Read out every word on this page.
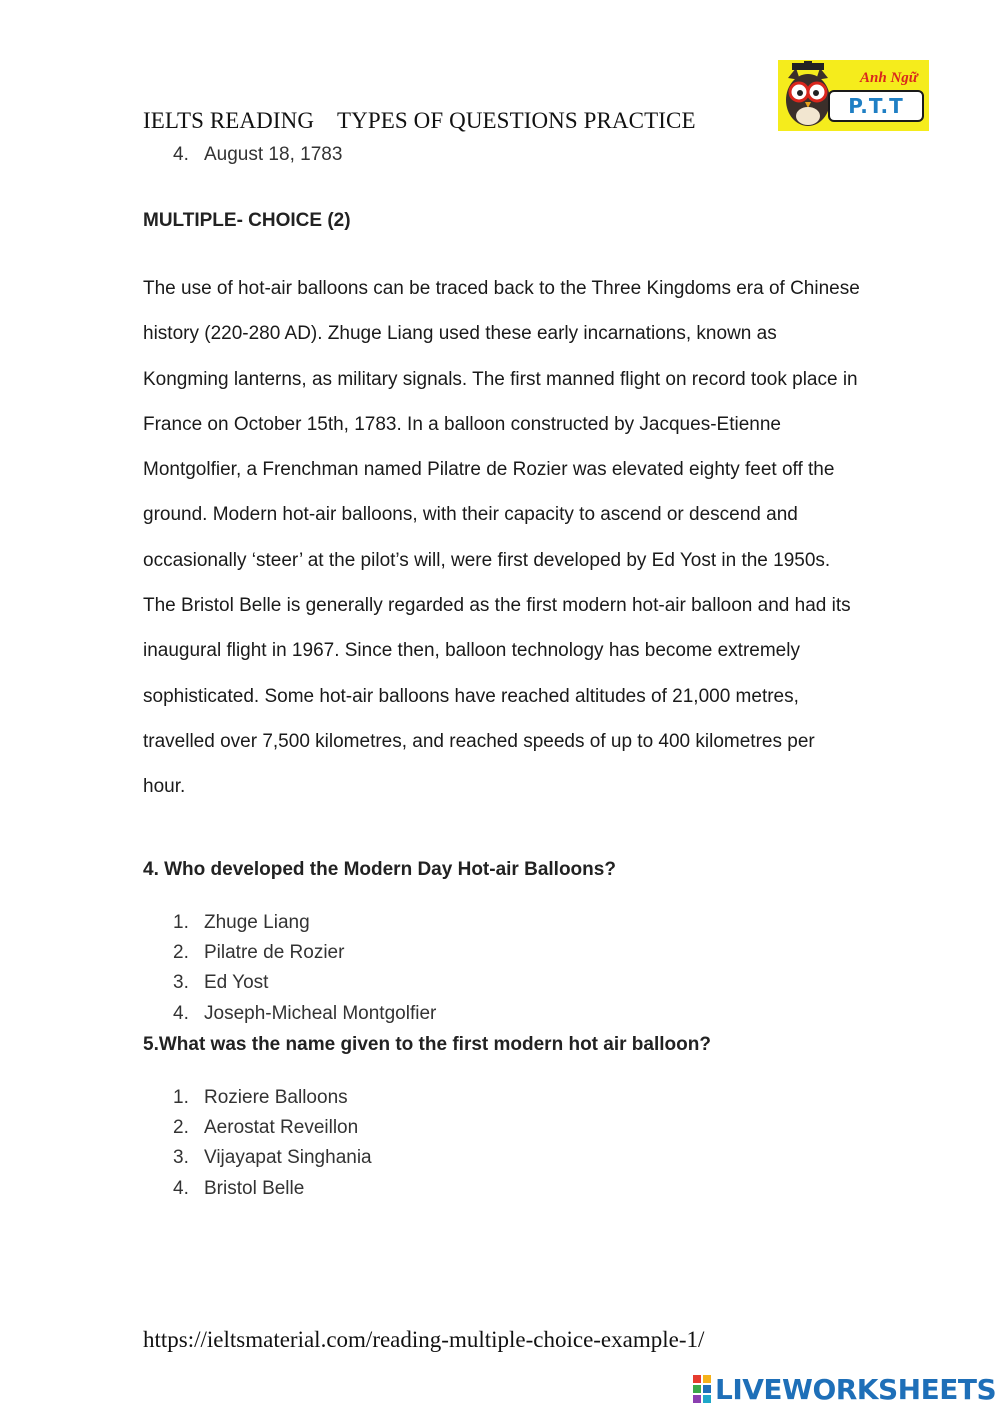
IELTS READING    TYPES OF QUESTIONS PRACTICE
Anh Ngữ
P.T.T
4. August 18, 1783
MULTIPLE- CHOICE (2)

The use of hot-air balloons can be traced back to the Three Kingdoms era of Chinese

history (220-280 AD). Zhuge Liang used these early incarnations, known as

Kongming lanterns, as military signals. The first manned flight on record took place in

France on October 15th, 1783. In a balloon constructed by Jacques-Etienne

Montgolfier, a Frenchman named Pilatre de Rozier was elevated eighty feet off the

ground. Modern hot-air balloons, with their capacity to ascend or descend and

occasionally ‘steer’ at the pilot’s will, were first developed by Ed Yost in the 1950s.

The Bristol Belle is generally regarded as the first modern hot-air balloon and had its

inaugural flight in 1967. Since then, balloon technology has become extremely

sophisticated. Some hot-air balloons have reached altitudes of 21,000 metres,

travelled over 7,500 kilometres, and reached speeds of up to 400 kilometres per

hour.

4. Who developed the Modern Day Hot-air Balloons?
1. Zhuge Liang
2. Pilatre de Rozier
3. Ed Yost
4. Joseph-Micheal Montgolfier
5.What was the name given to the first modern hot air balloon?
1. Roziere Balloons
2. Aerostat Reveillon
3. Vijayapat Singhania
4. Bristol Belle
https://ieltsmaterial.com/reading-multiple-choice-example-1/
LIVEWORKSHEETS
